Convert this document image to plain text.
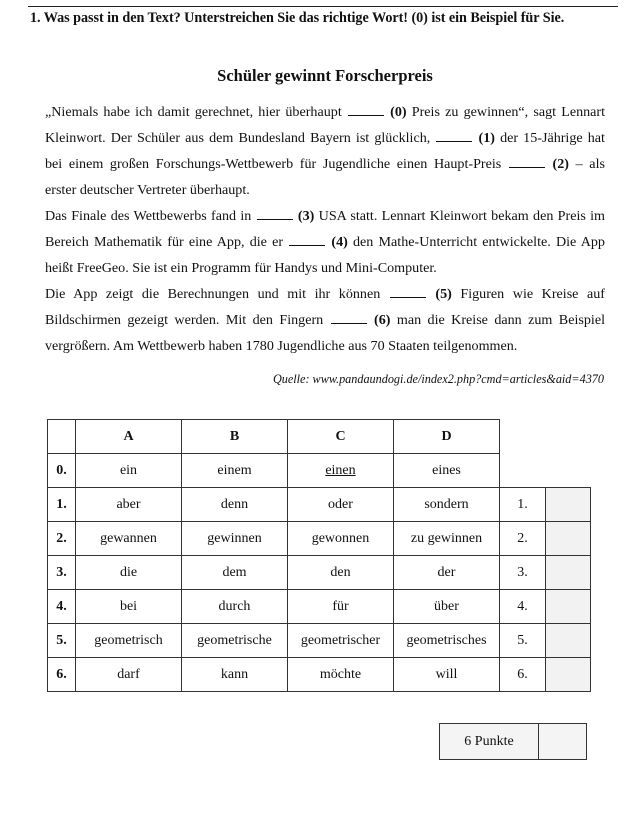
1. Was passt in den Text? Unterstreichen Sie das richtige Wort! (0) ist ein Beispiel für Sie.
Schüler gewinnt Forscherpreis

„Niemals habe ich damit gerechnet, hier überhaupt	(0) Preis zu gewinnen“, sagt Lennart Kleinwort. Der Schüler aus dem Bundesland Bayern ist glücklich,	(1) der 15-Jährige hat bei einem großen Forschungs-Wettbewerb für Jugendliche einen Haupt-Preis	(2) – als erster deutscher Vertreter überhaupt.

Das Finale des Wettbewerbs fand in	(3) USA statt. Lennart Kleinwort bekam den Preis im Bereich Mathematik für eine App, die er	(4) den Mathe-Unterricht entwickelte. Die App heißt FreeGeo. Sie ist ein Programm für Handys und Mini-Computer.

Die App zeigt die Berechnungen und mit ihr können	(5) Figuren wie Kreise auf Bildschirmen gezeigt werden. Mit den Fingern	(6) man die Kreise dann zum Beispiel vergrößern. Am Wettbewerb haben 1780 Jugendliche aus 70 Staaten teilgenommen.

Quelle: www.pandaundogi.de/index2.php?cmd=articles&aid=4370
	A	B	C	D		
0.	ein	einem	einen	eines		
1.	aber	denn	oder	sondern	1.	
2.	gewannen	gewinnen	gewonnen	zu gewinnen	2.	
3.	die	dem	den	der	3.	
4.	bei	durch	für	über	4.	
5.	geometrisch	geometrische	geometrischer	geometrisches	5.	
6.	darf	kann	möchte	will	6.	
6 Punkte	
